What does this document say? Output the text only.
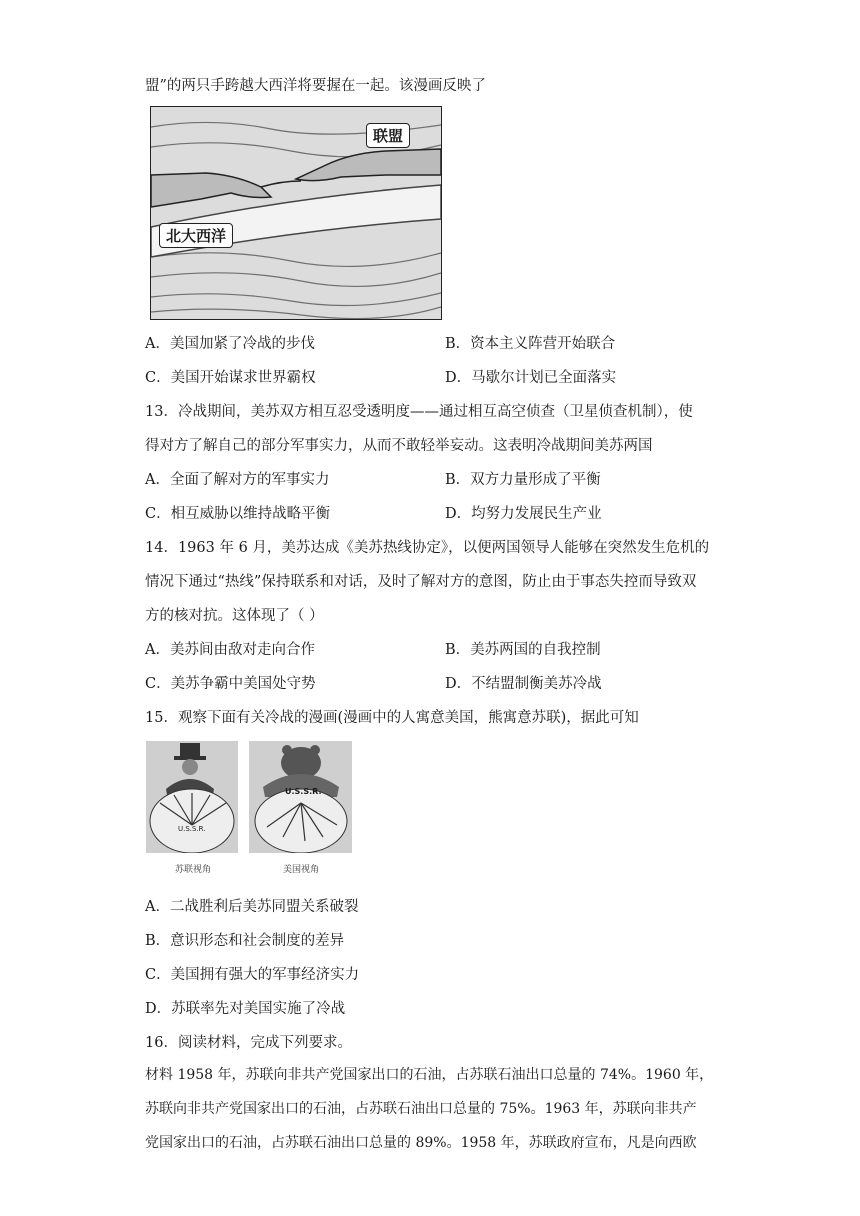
盟”的两只手跨越大西洋将要握在一起。该漫画反映了
联盟
北大西洋
A．美国加紧了冷战的步伐	B．资本主义阵营开始联合
C．美国开始谋求世界霸权	D．马歇尔计划已全面落实
13．冷战期间，美苏双方相互忍受透明度——通过相互高空侦查（卫星侦查机制），使
得对方了解自己的部分军事实力，从而不敢轻举妄动。这表明冷战期间美苏两国
A．全面了解对方的军事实力	B．双方力量形成了平衡
C．相互威胁以维持战略平衡	D．均努力发展民生产业
14．1963 年 6 月，美苏达成《美苏热线协定》，以便两国领导人能够在突然发生危机的
情况下通过“热线”保持联系和对话，及时了解对方的意图，防止由于事态失控而导致双
方的核对抗。这体现了（ ）
A．美苏间由敌对走向合作	B．美苏两国的自我控制
C．美苏争霸中美国处守势	D．不结盟制衡美苏冷战
15．观察下面有关冷战的漫画(漫画中的人寓意美国，熊寓意苏联)，据此可知
U.S.S.R.
苏联视角
U.S.S.R.
美国视角
A．二战胜利后美苏同盟关系破裂
B．意识形态和社会制度的差异
C．美国拥有强大的军事经济实力
D．苏联率先对美国实施了冷战
16．阅读材料，完成下列要求。
材料 1958 年，苏联向非共产党国家出口的石油，占苏联石油出口总量的 74%。1960 年，
苏联向非共产党国家出口的石油，占苏联石油出口总量的 75%。1963 年，苏联向非共产
党国家出口的石油，占苏联石油出口总量的 89%。1958 年，苏联政府宣布，凡是向西欧
